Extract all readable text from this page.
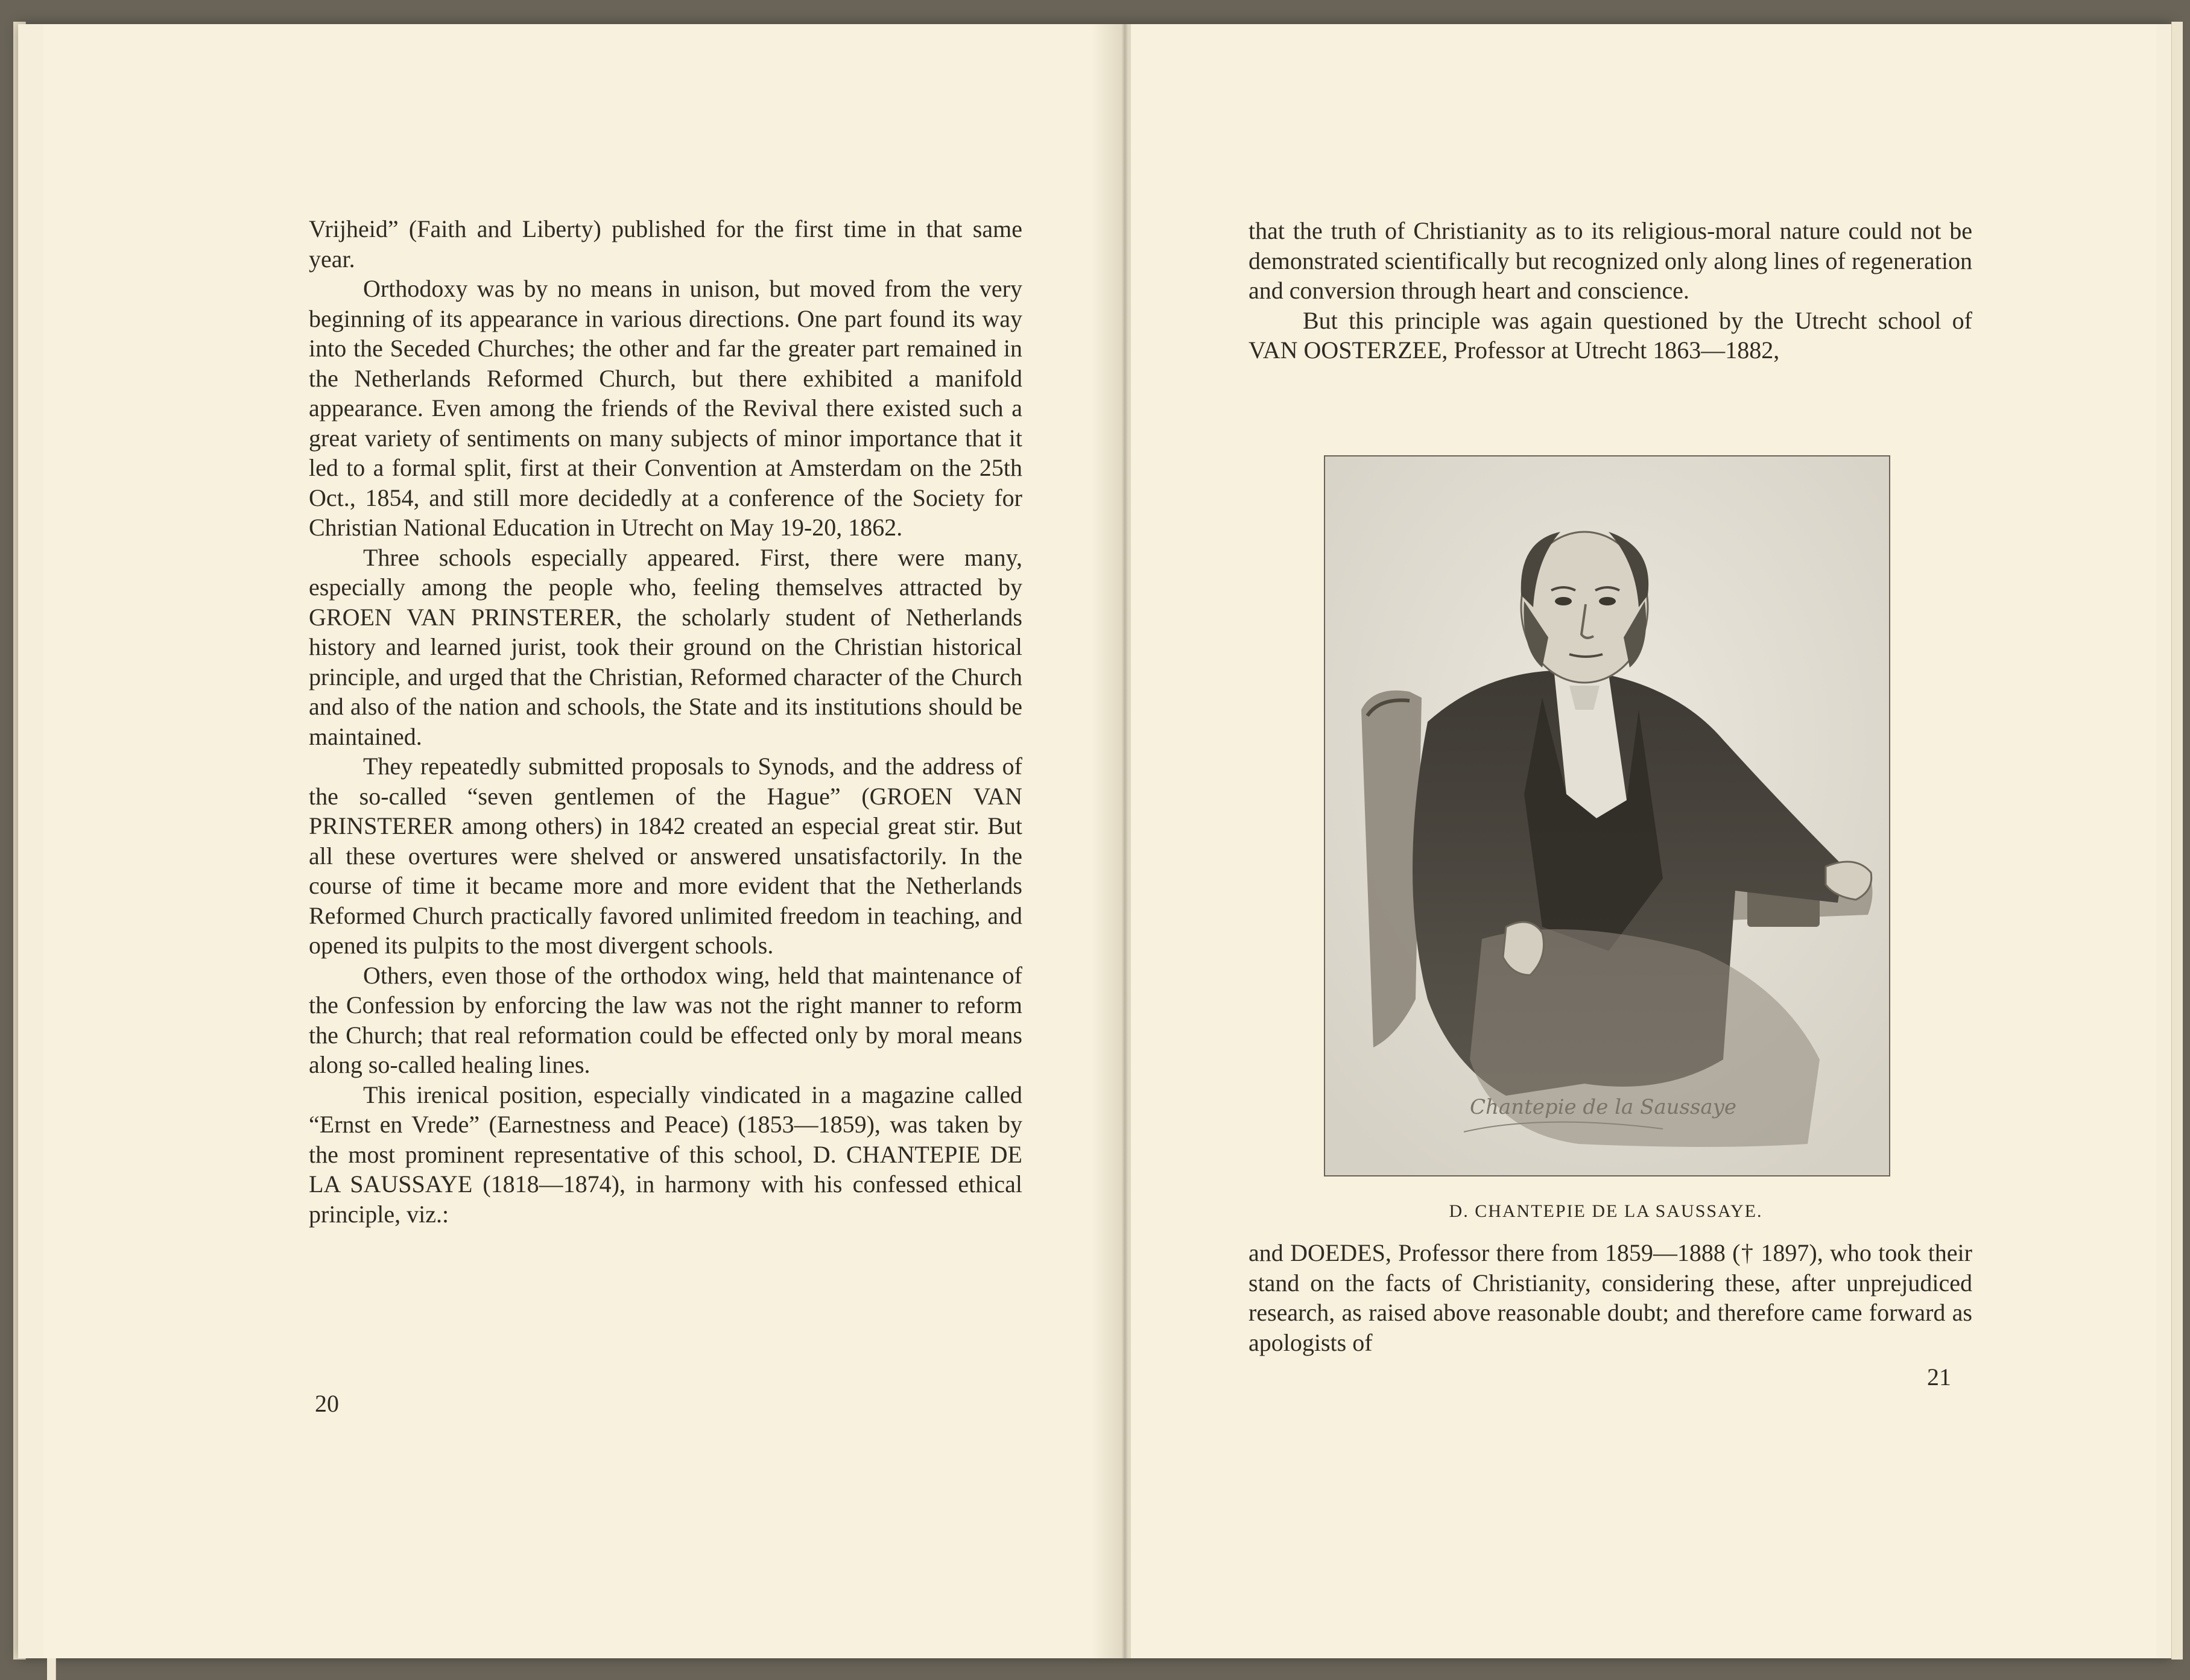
Vrijheid” (Faith and Liberty) published for the first time in that same year.

Orthodoxy was by no means in unison, but moved from the very beginning of its appearance in various directions. One part found its way into the Seceded Churches; the other and far the greater part remained in the Netherlands Reformed Church, but there exhibited a manifold appearance. Even among the friends of the Revival there existed such a great variety of sentiments on many subjects of minor importance that it led to a formal split, first at their Convention at Amsterdam on the 25th Oct., 1854, and still more decidedly at a conference of the Society for Christian National Education in Utrecht on May 19-20, 1862.

Three schools especially appeared. First, there were many, especially among the people who, feeling themselves attracted by GROEN VAN PRINSTERER, the scholarly student of Netherlands history and learned jurist, took their ground on the Christian historical principle, and urged that the Christian, Reformed character of the Church and also of the nation and schools, the State and its institutions should be maintained.

They repeatedly submitted proposals to Synods, and the address of the so-called “seven gentlemen of the Hague” (GROEN VAN PRINSTERER among others) in 1842 created an especial great stir. But all these overtures were shelved or answered unsatisfactorily. In the course of time it became more and more evident that the Netherlands Reformed Church practically favored unlimited freedom in teaching, and opened its pulpits to the most divergent schools.

Others, even those of the orthodox wing, held that maintenance of the Confession by enforcing the law was not the right manner to reform the Church; that real reformation could be effected only by moral means along so-called healing lines.

This irenical position, especially vindicated in a magazine called “Ernst en Vrede” (Earnestness and Peace) (1853—1859), was taken by the most prominent representative of this school, D. CHANTEPIE DE LA SAUSSAYE (1818—1874), in harmony with his confessed ethical principle, viz.:

20

that the truth of Christianity as to its religious-moral nature could not be demonstrated scientifically but recognized only along lines of regeneration and conversion through heart and conscience.

But this principle was again questioned by the Utrecht school of VAN OOSTERZEE, Professor at Utrecht 1863—1882,

Chantepie de la Saussaye
D. CHANTEPIE DE LA SAUSSAYE.

and DOEDES, Professor there from 1859—1888 († 1897), who took their stand on the facts of Christianity, considering these, after unprejudiced research, as raised above reasonable doubt; and therefore came forward as apologists of

21
